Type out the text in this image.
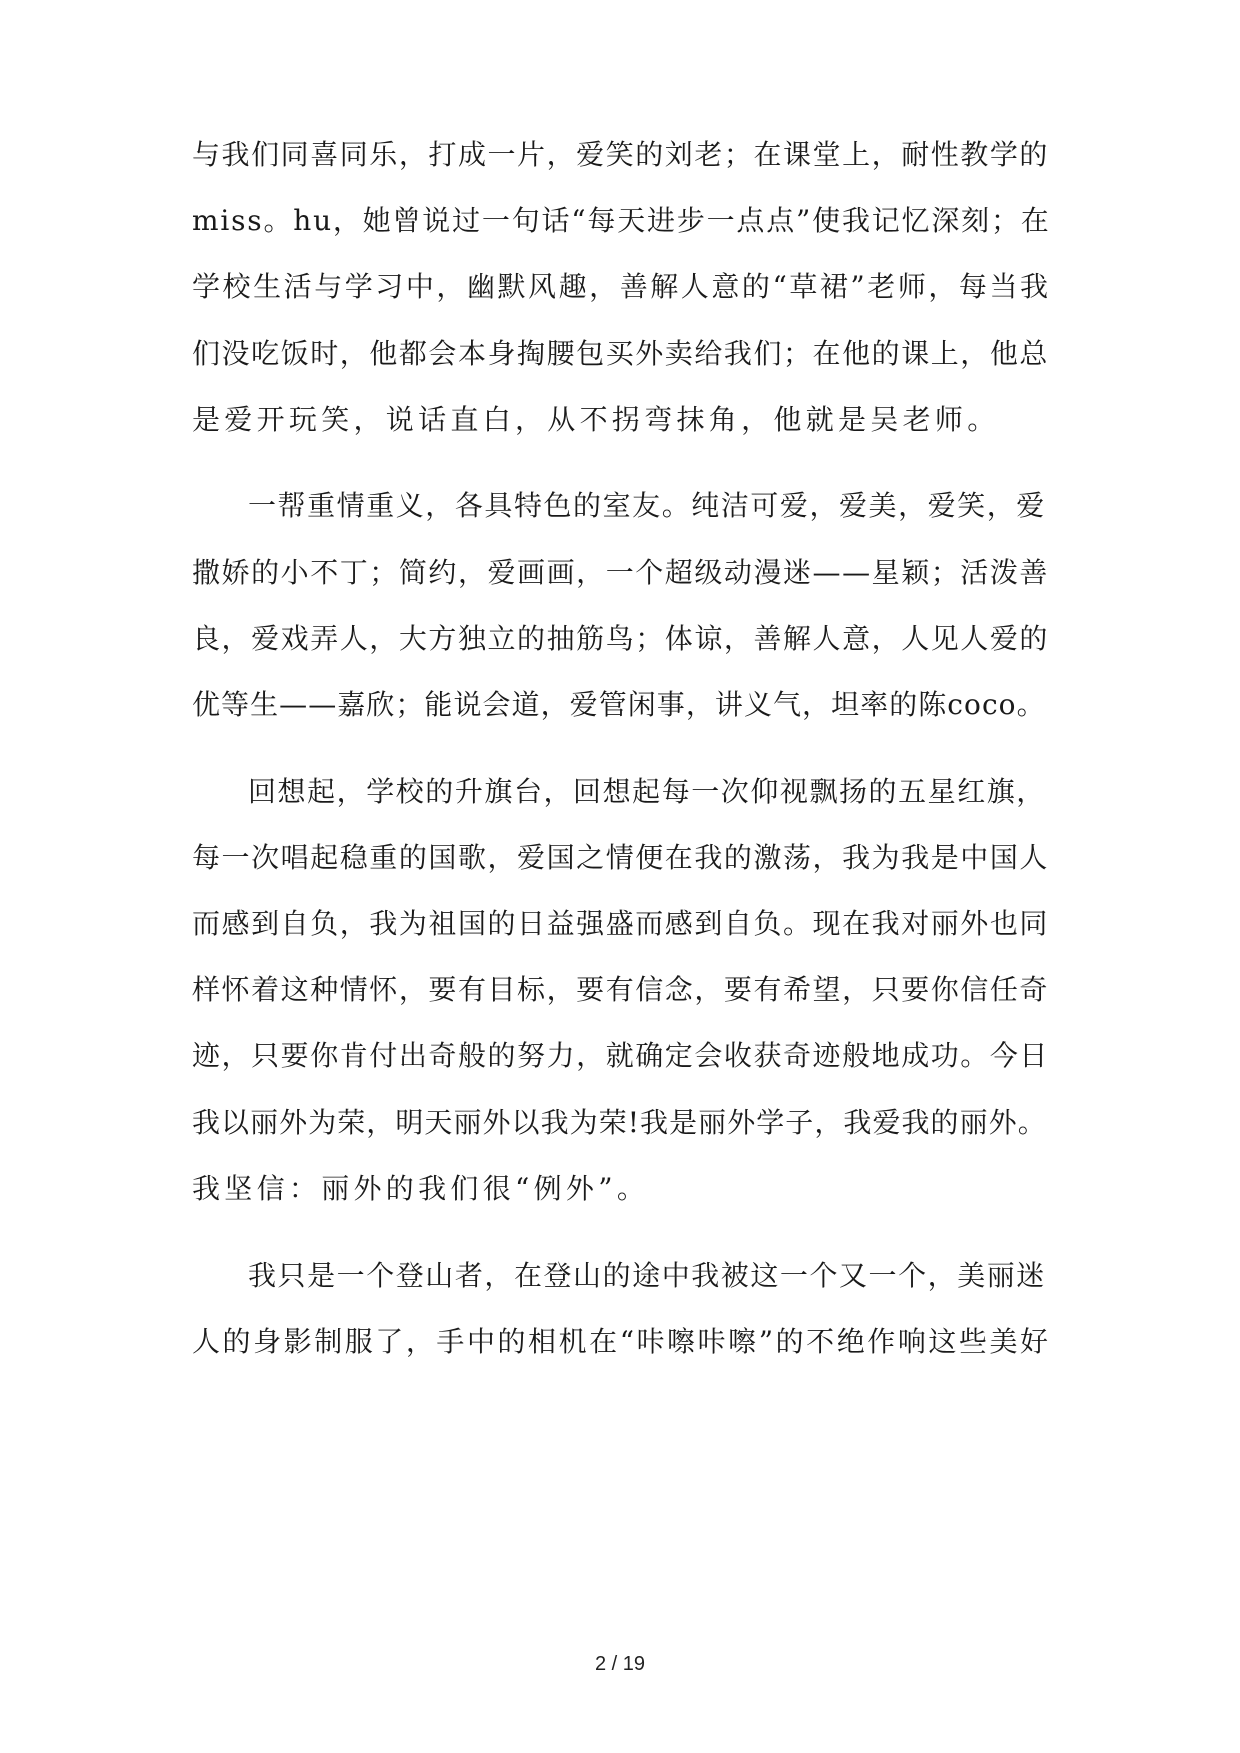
与我们同喜同乐，打成一片，爱笑的刘老；在课堂上，耐性教学的
miss。hu，她曾说过一句话“每天进步一点点”使我记忆深刻；在
学校生活与学习中，幽默风趣，善解人意的“草裙”老师，每当我
们没吃饭时，他都会本身掏腰包买外卖给我们；在他的课上，他总
是爱开玩笑，说话直白，从不拐弯抹角，他就是吴老师。
一帮重情重义，各具特色的室友。纯洁可爱，爱美，爱笑，爱
撒娇的小不丁；简约，爱画画，一个超级动漫迷——星颖；活泼善
良，爱戏弄人，大方独立的抽筋鸟；体谅，善解人意，人见人爱的
优等生——嘉欣；能说会道，爱管闲事，讲义气，坦率的陈coco。
回想起，学校的升旗台，回想起每一次仰视飘扬的五星红旗，
每一次唱起稳重的国歌，爱国之情便在我的激荡，我为我是中国人
而感到自负，我为祖国的日益强盛而感到自负。现在我对丽外也同
样怀着这种情怀，要有目标，要有信念，要有希望，只要你信任奇
迹，只要你肯付出奇般的努力，就确定会收获奇迹般地成功。今日
我以丽外为荣，明天丽外以我为荣!我是丽外学子，我爱我的丽外。
我坚信：丽外的我们很“例外”。
我只是一个登山者，在登山的途中我被这一个又一个，美丽迷
人的身影制服了，手中的相机在“咔嚓咔嚓”的不绝作响这些美好
2 / 19
